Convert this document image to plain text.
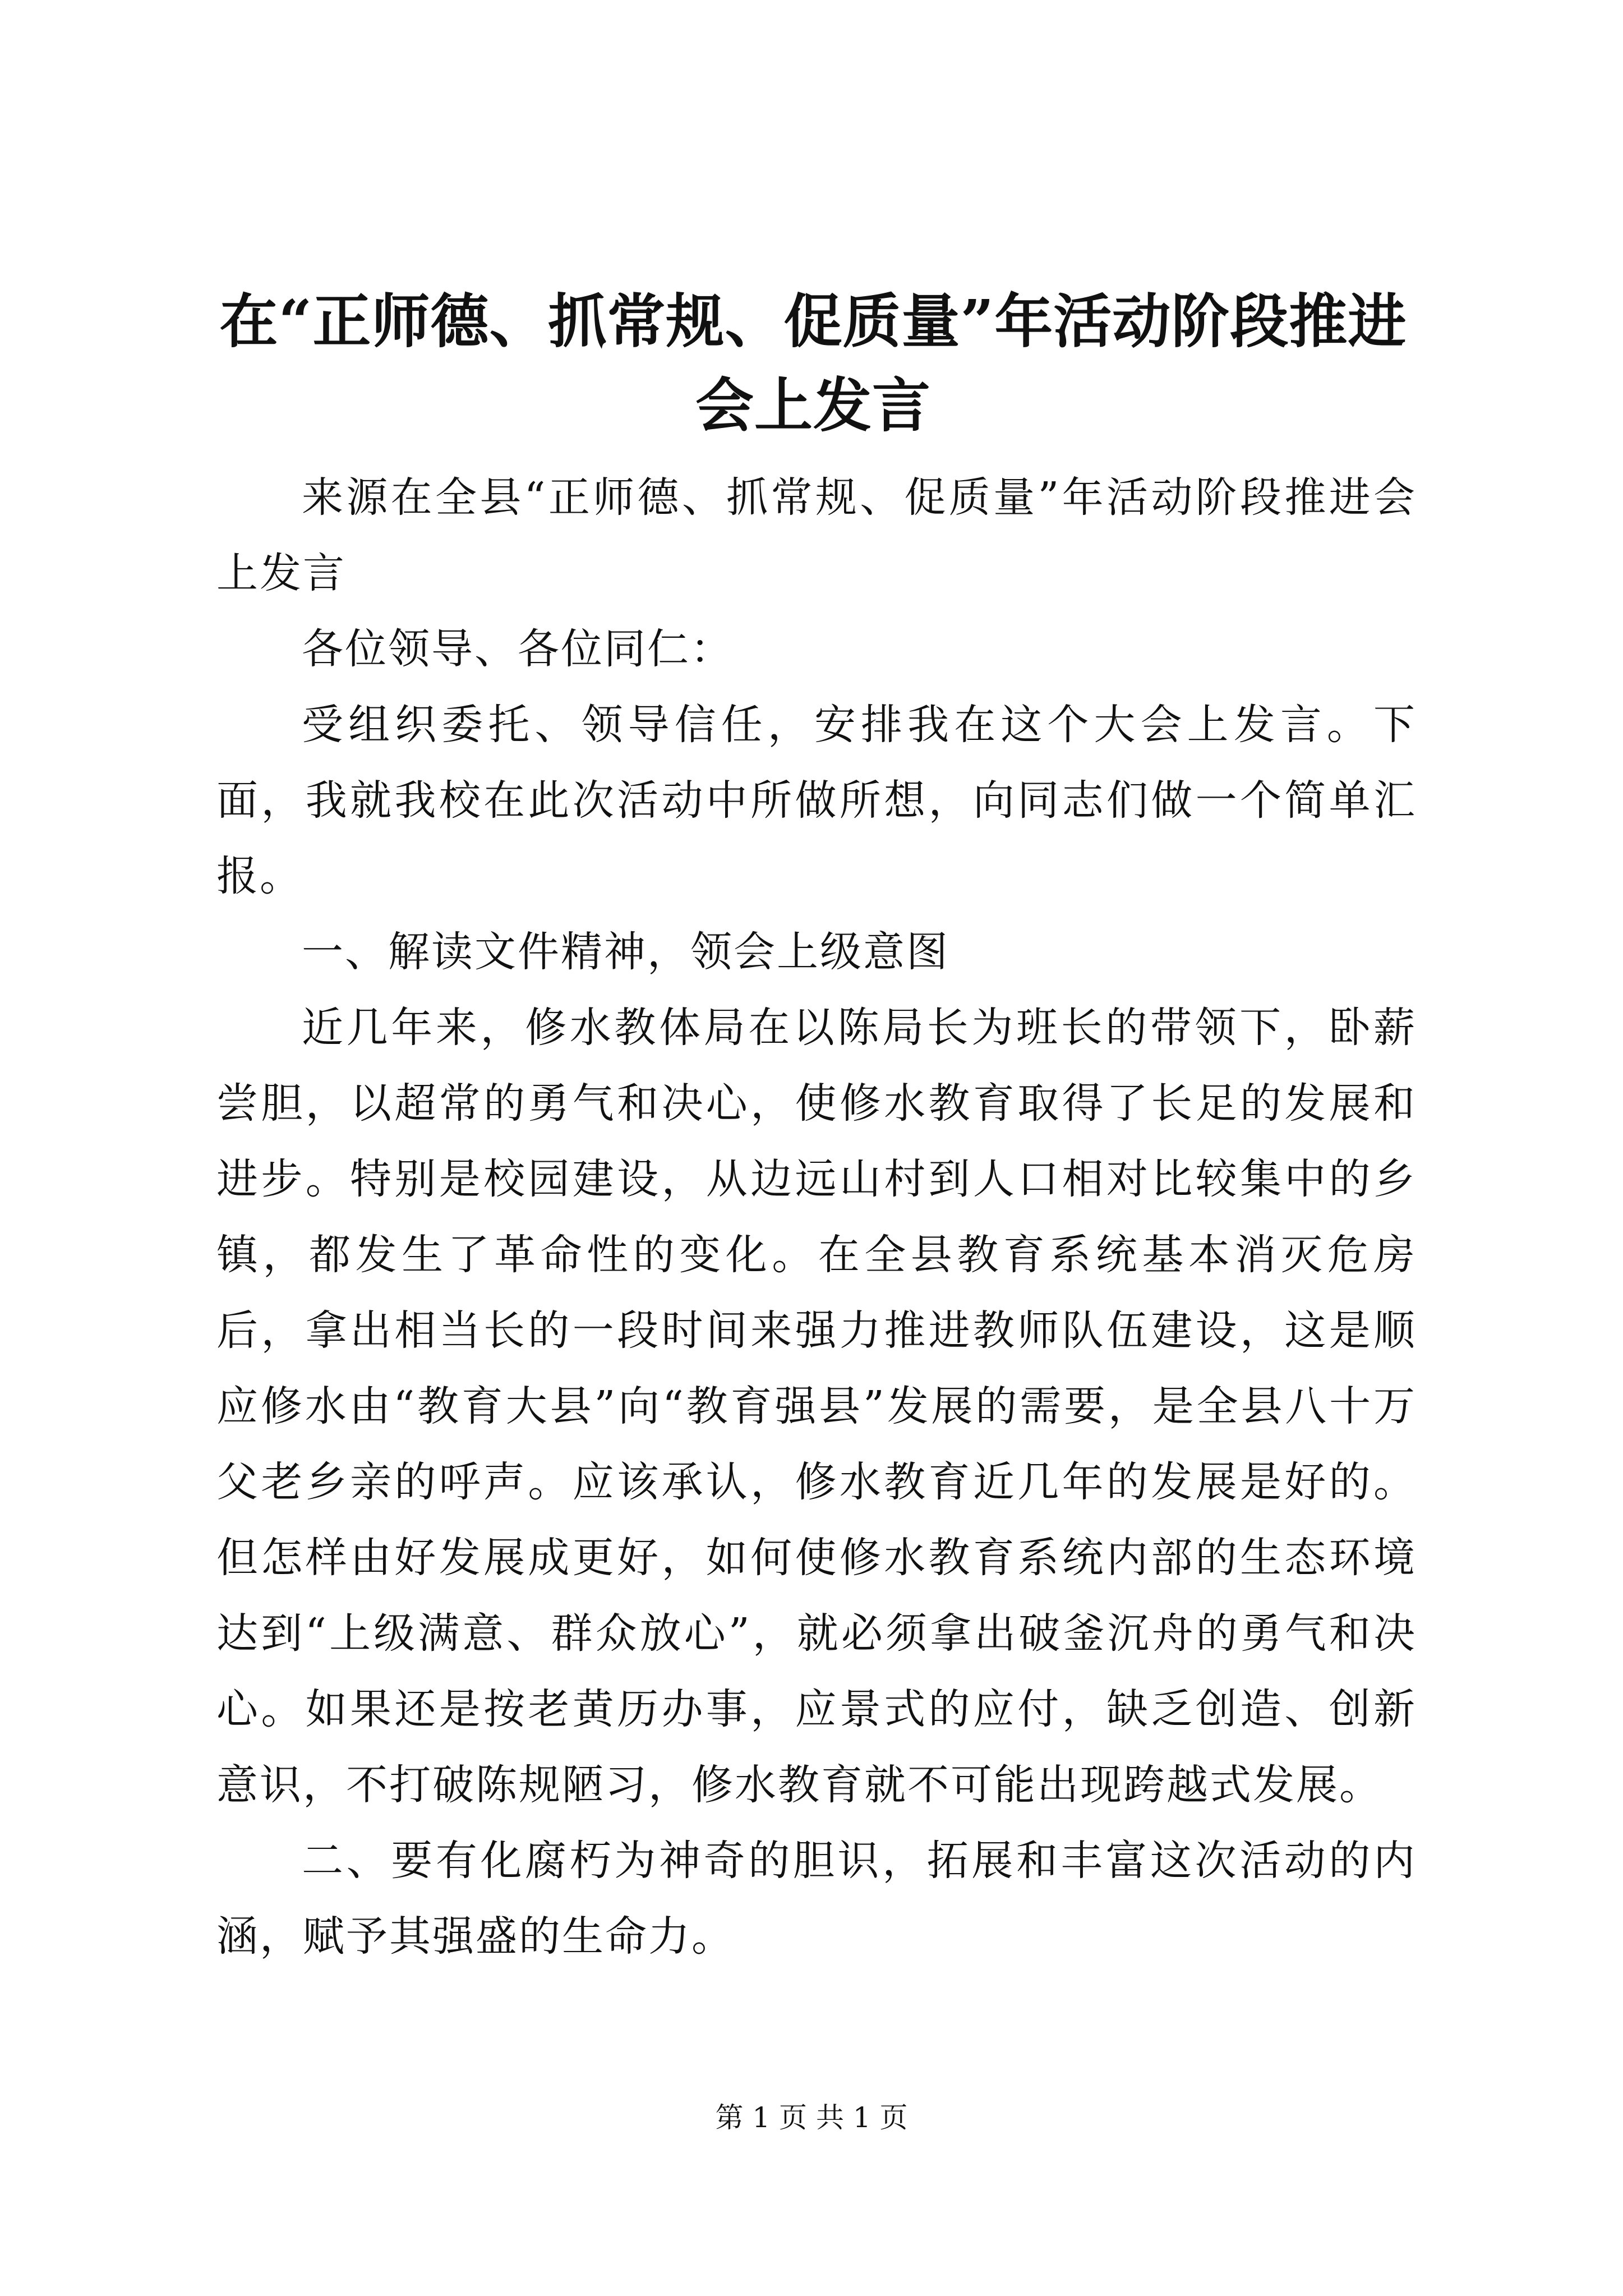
在“正师德、抓常规、促质量”年活动阶段推进会上发言

来源在全县“正师德、抓常规、促质量”年活动阶段推进会上发言

各位领导、各位同仁：

受组织委托、领导信任，安排我在这个大会上发言。下面，我就我校在此次活动中所做所想，向同志们做一个简单汇报。

一、解读文件精神，领会上级意图

近几年来，修水教体局在以陈局长为班长的带领下，卧薪尝胆，以超常的勇气和决心，使修水教育取得了长足的发展和进步。特别是校园建设，从边远山村到人口相对比较集中的乡镇，都发生了革命性的变化。在全县教育系统基本消灭危房后，拿出相当长的一段时间来强力推进教师队伍建设，这是顺应修水由“教育大县”向“教育强县”发展的需要，是全县八十万父老乡亲的呼声。应该承认，修水教育近几年的发展是好的。但怎样由好发展成更好，如何使修水教育系统内部的生态环境达到“上级满意、群众放心”，就必须拿出破釜沉舟的勇气和决心。如果还是按老黄历办事，应景式的应付，缺乏创造、创新意识，不打破陈规陋习，修水教育就不可能出现跨越式发展。

二、要有化腐朽为神奇的胆识，拓展和丰富这次活动的内涵，赋予其强盛的生命力。

第 1 页 共 1 页
